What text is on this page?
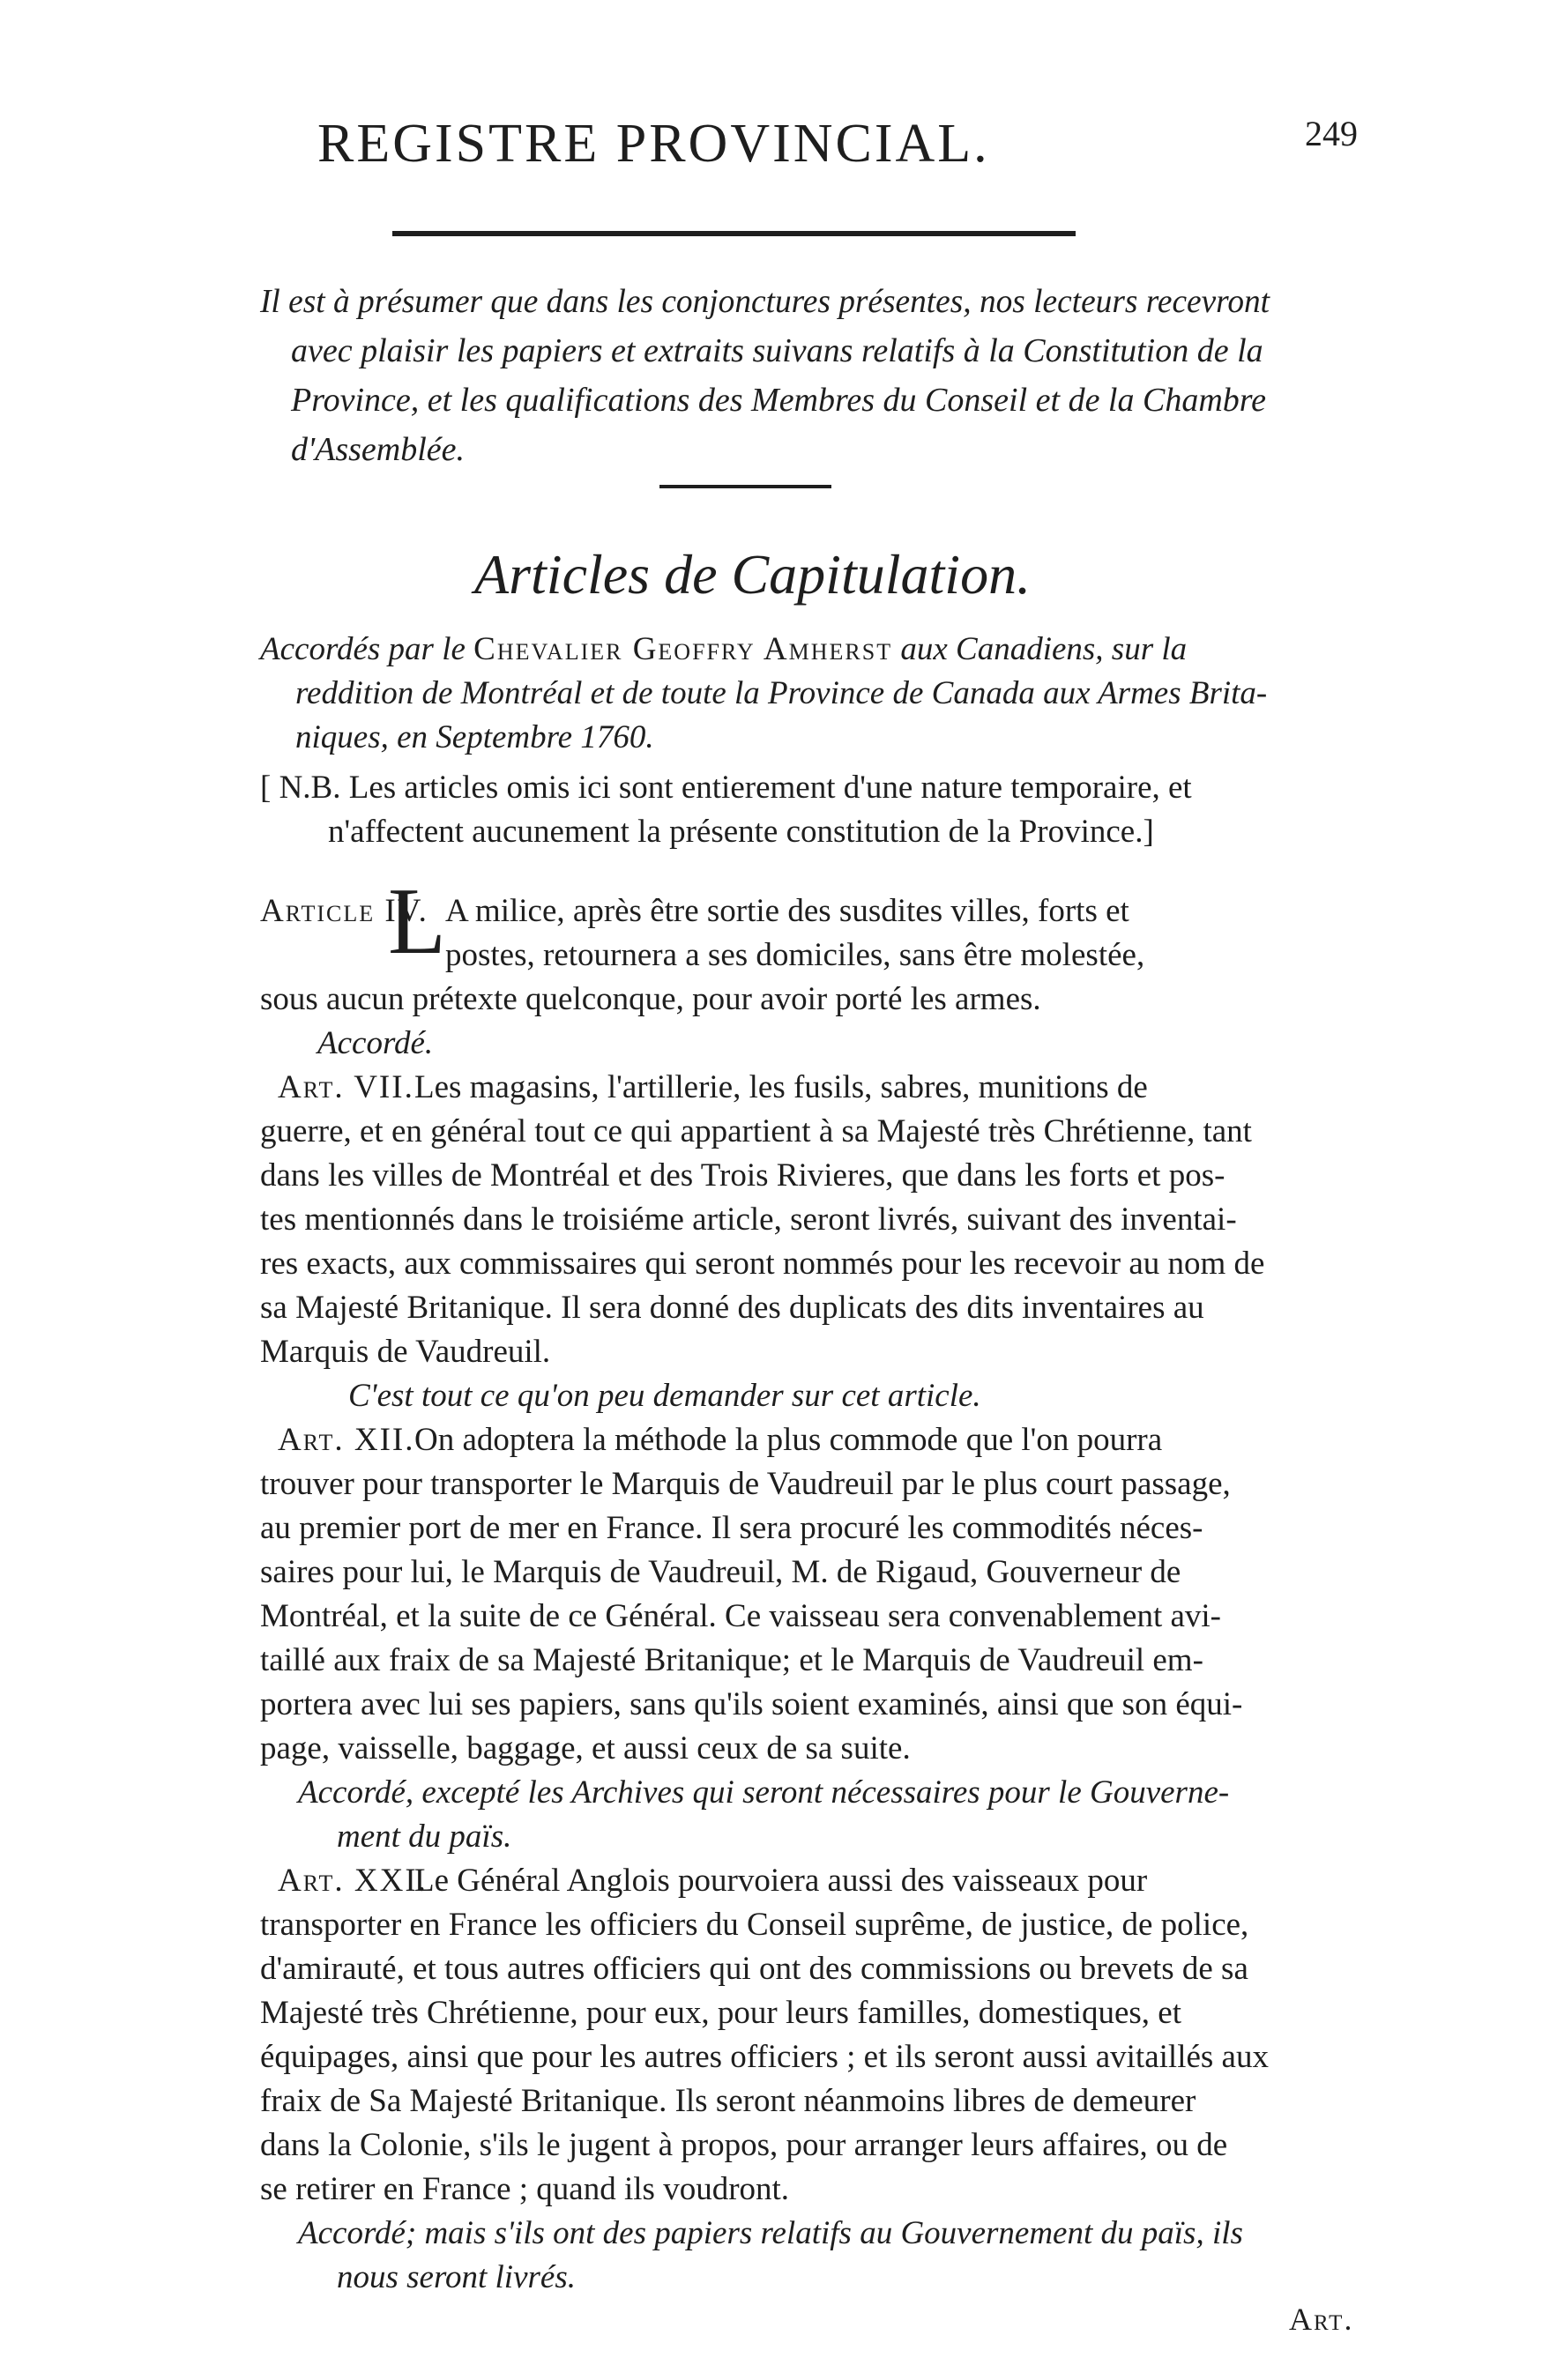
REGISTRE PROVINCIAL.	249
Il est à présumer que dans les conjonctures présentes, nos lecteurs recevront
avec plaisir les papiers et extraits suivans relatifs à la Constitution de la
Province, et les qualifications des Membres du Conseil et de la Chambre
d'Assemblée.
Articles de Capitulation.
Accordés par le Chevalier Geoffry Amherst aux Canadiens, sur la
reddition de Montréal et de toute la Province de Canada aux Armes Brita-
niques, en Septembre 1760.
[ N.B. Les articles omis ici sont entierement d'une nature temporaire, et
n'affectent aucunement la présente constitution de la Province.]
Article IV.
L A milice, après être sortie des susdites villes, forts et
postes, retournera a ses domiciles, sans être molestée,
sous aucun prétexte quelconque, pour avoir porté les armes.
Accordé.
Art. VII. Les magasins, l'artillerie, les fusils, sabres, munitions de
guerre, et en général tout ce qui appartient à sa Majesté très Chrétienne, tant
dans les villes de Montréal et des Trois Rivieres, que dans les forts et pos-
tes mentionnés dans le troisiéme article, seront livrés, suivant des inventai-
res exacts, aux commissaires qui seront nommés pour les recevoir au nom de
sa Majesté Britanique. Il sera donné des duplicats des dits inventaires au
Marquis de Vaudreuil.
C'est tout ce qu'on peu demander sur cet article.
Art. XII. On adoptera la méthode la plus commode que l'on pourra
trouver pour transporter le Marquis de Vaudreuil par le plus court passage,
au premier port de mer en France. Il sera procuré les commodités néces-
saires pour lui, le Marquis de Vaudreuil, M. de Rigaud, Gouverneur de
Montréal, et la suite de ce Général. Ce vaisseau sera convenablement avi-
taillé aux fraix de sa Majesté Britanique; et le Marquis de Vaudreuil em-
portera avec lui ses papiers, sans qu'ils soient examinés, ainsi que son équi-
page, vaisselle, baggage, et aussi ceux de sa suite.
Accordé, excepté les Archives qui seront nécessaires pour le Gouverne-
ment du païs.
Art. XXI.
Le Général Anglois pourvoiera aussi des vaisseaux pour
transporter en France les officiers du Conseil suprême, de justice, de police,
d'amirauté, et tous autres officiers qui ont des commissions ou brevets de sa
Majesté très Chrétienne, pour eux, pour leurs familles, domestiques, et
équipages, ainsi que pour les autres officiers ; et ils seront aussi avitaillés aux
fraix de Sa Majesté Britanique. Ils seront néanmoins libres de demeurer
dans la Colonie, s'ils le jugent à propos, pour arranger leurs affaires, ou de
se retirer en France ; quand ils voudront.
Accordé; mais s'ils ont des papiers relatifs au Gouvernement du païs, ils
nous seront livrés.
Art.
